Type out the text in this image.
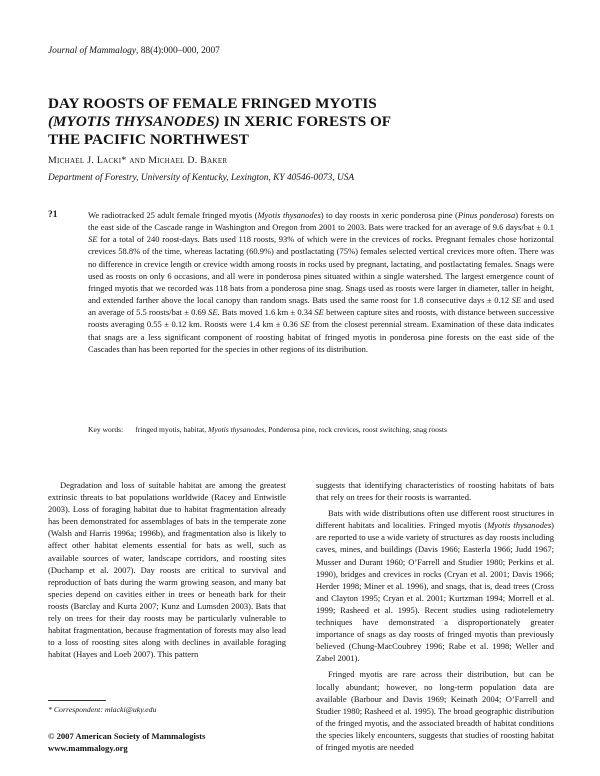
Journal of Mammalogy, 88(4):000–000, 2007
DAY ROOSTS OF FEMALE FRINGED MYOTIS
(MYOTIS THYSANODES) IN XERIC FORESTS OF
THE PACIFIC NORTHWEST
Michael J. Lacki* and Michael D. Baker
Department of Forestry, University of Kentucky, Lexington, KY 40546-0073, USA
?1	We radiotracked 25 adult female fringed myotis (Myotis thysanodes) to day roosts in xeric ponderosa pine (Pinus ponderosa) forests on the east side of the Cascade range in Washington and Oregon from 2001 to 2003. Bats were tracked for an average of 9.6 days/bat ± 0.1 SE for a total of 240 roost-days. Bats used 118 roosts, 93% of which were in the crevices of rocks. Pregnant females chose horizontal crevices 58.8% of the time, whereas lactating (60.9%) and postlactating (75%) females selected vertical crevices more often. There was no difference in crevice length or crevice width among roosts in rocks used by pregnant, lactating, and postlactating females. Snags were used as roosts on only 6 occasions, and all were in ponderosa pines situated within a single watershed. The largest emergence count of fringed myotis that we recorded was 118 bats from a ponderosa pine snag. Snags used as roosts were larger in diameter, taller in height, and extended farther above the local canopy than random snags. Bats used the same roost for 1.8 consecutive days ± 0.12 SE and used an average of 5.5 roosts/bat ± 0.69 SE. Bats moved 1.6 km ± 0.34 SE between capture sites and roosts, with distance between successive roosts averaging 0.55 ± 0.12 km. Roosts were 1.4 km ± 0.36 SE from the closest perennial stream. Examination of these data indicates that snags are a less significant component of roosting habitat of fringed myotis in ponderosa pine forests on the east side of the Cascades than has been reported for the species in other regions of its distribution.

Key words: fringed myotis, habitat, Myotis thysanodes, Ponderosa pine, rock crevices, roost switching, snag roosts

Degradation and loss of suitable habitat are among the greatest extrinsic threats to bat populations worldwide (Racey and Entwistle 2003). Loss of foraging habitat due to habitat fragmentation already has been demonstrated for assemblages of bats in the temperate zone (Walsh and Harris 1996a; 1996b), and fragmentation also is likely to affect other habitat elements essential for bats as well, such as available sources of water, landscape corridors, and roosting sites (Duchamp et al. 2007). Day roosts are critical to survival and reproduction of bats during the warm growing season, and many bat species depend on cavities either in trees or beneath bark for their roosts (Barclay and Kurta 2007; Kunz and Lumsden 2003). Bats that rely on trees for their day roosts may be particularly vulnerable to habitat fragmentation, because fragmentation of forests may also lead to a loss of roosting sites along with declines in available foraging habitat (Hayes and Loeb 2007). This pattern

suggests that identifying characteristics of roosting habitats of bats that rely on trees for their roosts is warranted.

Bats with wide distributions often use different roost structures in different habitats and localities. Fringed myotis (Myotis thysanodes) are reported to use a wide variety of structures as day roosts including caves, mines, and buildings (Davis 1966; Easterla 1966; Judd 1967; Musser and Durant 1960; O’Farrell and Studier 1980; Perkins et al. 1990), bridges and crevices in rocks (Cryan et al. 2001; Davis 1966; Herder 1998; Miner et al. 1996), and snags, that is, dead trees (Cross and Clayton 1995; Cryan et al. 2001; Kurtzman 1994; Morrell et al. 1999; Rasheed et al. 1995). Recent studies using radiotelemetry techniques have demonstrated a disproportionately greater importance of snags as day roosts of fringed myotis than previously believed (Chung-MacCoubrey 1996; Rabe et al. 1998; Weller and Zabel 2001).

Fringed myotis are rare across their distribution, but can be locally abundant; however, no long-term population data are available (Barbour and Davis 1969; Keinath 2004; O’Farrell and Studier 1980; Rasheed et al. 1995). The broad geographic distribution of the fringed myotis, and the associated breadth of habitat conditions the species likely encounters, suggests that studies of roosting habitat of fringed myotis are needed

* Correspondent: mlacki@uky.edu
© 2007 American Society of Mammalogists
www.mammalogy.org
